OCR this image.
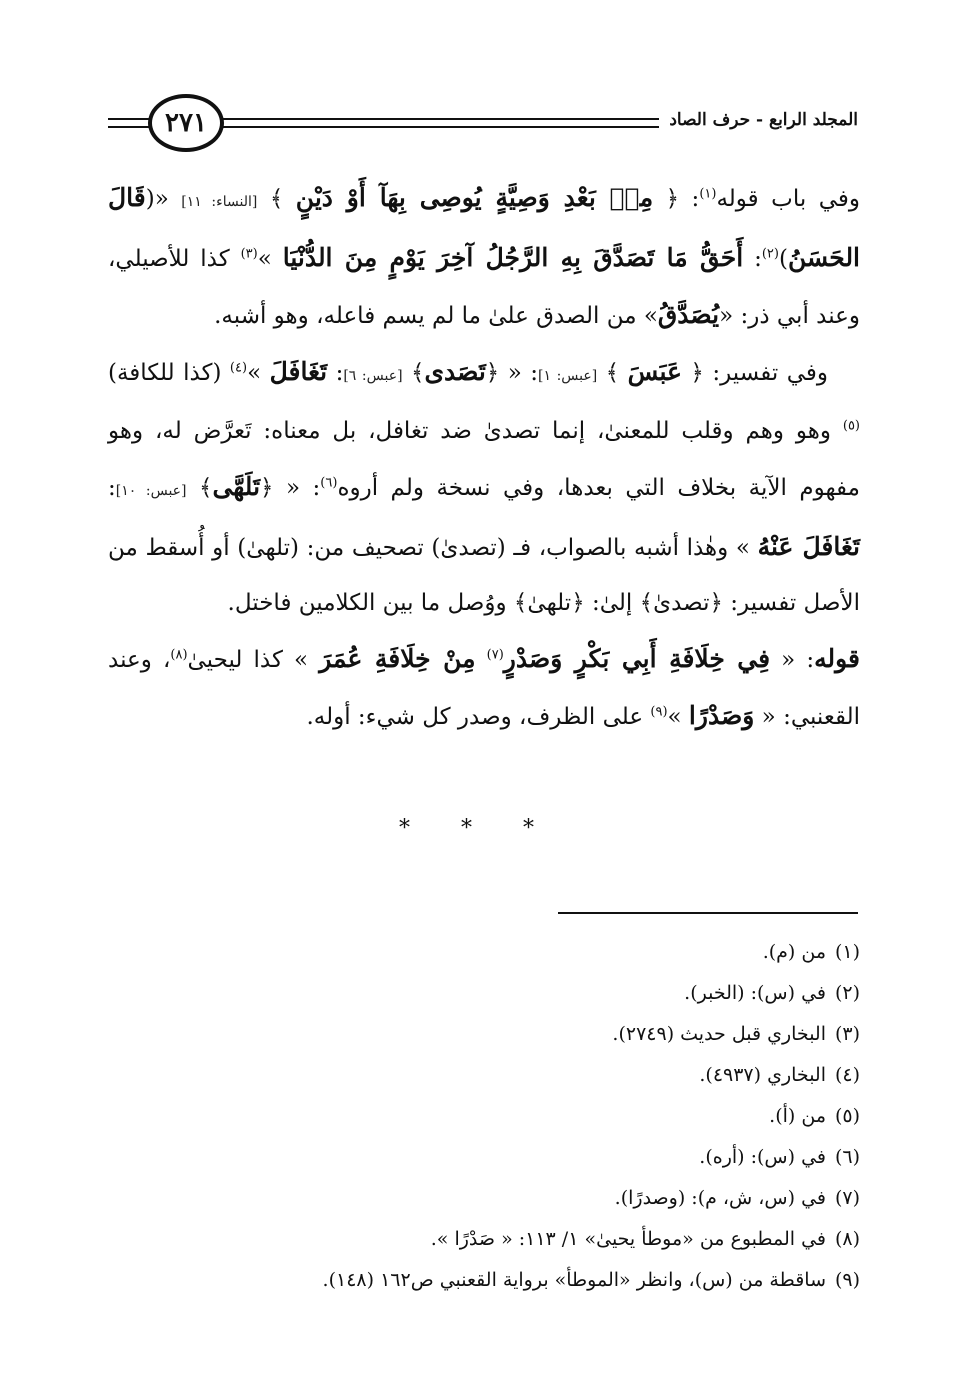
٢٧١	المجلد الرابع - حرف الصاد

وفي باب قوله$^{(١)}$: ﴿ مِنۢ بَعْدِ وَصِيَّةٍ يُوصِى بِهَآ أَوْ دَيْنٍ ﴾ [النساء: ١١] «(قَالَ الحَسَنُ)$^{(٢)}$: أَحَقُّ مَا تَصَدَّقَ بِهِ الرَّجُلُ آخِرَ يَوْمٍ مِنَ الدُّنْيَا »$^{(٣)}$ كذا للأصيلي، وعند أبي ذر: «يُصَدَّقُ» من الصدق علىٰ ما لم يسم فاعله، وهو أشبه.

وفي تفسير: ﴿ عَبَسَ ﴾ [عبس: ١]: « ﴿تَصَدى﴾ [عبس: ٦]: تَغَافَلَ »$^{(٤)}$ (كذا للكافة)$^{(٥)}$ وهو وهم وقلب للمعنىٰ، إنما تصدىٰ ضد تغافل، بل معناه: تَعرَّض له، وهو مفهوم الآية بخلاف التي بعدها، وفي نسخة ولم أروه$^{(٦)}$: « ﴿تَلَهَّى﴾ [عبس: ١٠]: تَغَافَلَ عَنْهُ » وهٰذا أشبه بالصواب، فـ (تصدىٰ) تصحيف من: (تلهىٰ) أو أُسقط من الأصل تفسير: ﴿تصدىٰ﴾ إلىٰ: ﴿تلهىٰ﴾ ووُصل ما بين الكلامين فاختل.

قوله: « فِي خِلَافَةِ أَبِي بَكْرٍ وَصَدْرٍ$^{(٧)}$ مِنْ خِلَافَةِ عُمَرَ » كذا ليحيىٰ$^{(٨)}$، وعند القعنبي: « وَصَدْرًا »$^{(٩)}$ على الظرف، وصدر كل شيء: أوله.

* * *
(١)
من (م).
(٢)
في (س): (الخبر).
(٣)
البخاري قبل حديث (٢٧٤٩).
(٤)
البخاري (٤٩٣٧).
(٥)
من (أ).
(٦)
في (س): (أره).
(٧)
في (س، ش، م): (وصدرًا).
(٨)
في المطبوع من «موطأ يحيىٰ» ١/ ١١٣: « صَدْرًا ».
(٩)
ساقطة من (س)، وانظر «الموطأ» برواية القعنبي ص١٦٢ (١٤٨).
